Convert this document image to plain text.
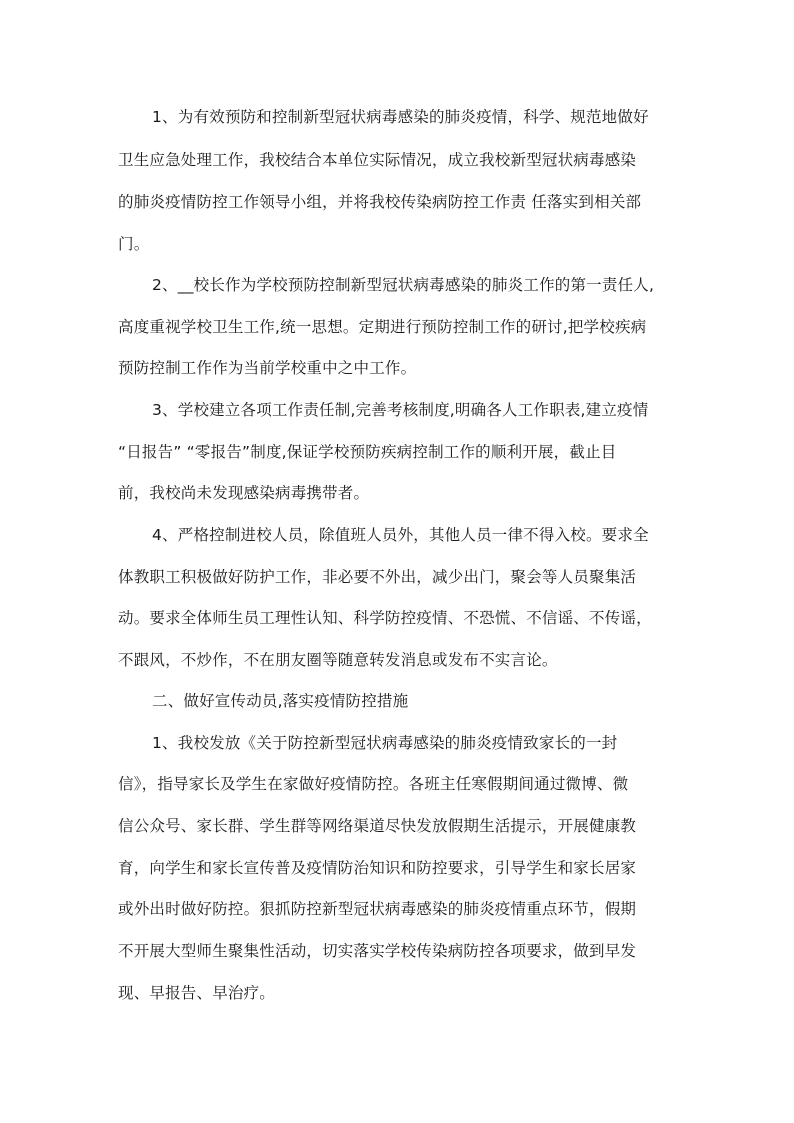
1、为有效预防和控制新型冠状病毒感染的肺炎疫情，科学、规范地做好
卫生应急处理工作，我校结合本单位实际情况，成立我校新型冠状病毒感染
的肺炎疫情防控工作领导小组，并将我校传染病防控工作责 任落实到相关部
门。
2、__校长作为学校预防控制新型冠状病毒感染的肺炎工作的第一责任人,
高度重视学校卫生工作,统一思想。定期进行预防控制工作的研讨,把学校疾病
预防控制工作作为当前学校重中之中工作。
3、学校建立各项工作责任制,完善考核制度,明确各人工作职表,建立疫情
“日报告” “零报告”制度,保证学校预防疾病控制工作的顺利开展，截止目
前，我校尚未发现感染病毒携带者。
4、严格控制进校人员，除值班人员外，其他人员一律不得入校。要求全
体教职工积极做好防护工作，非必要不外出，减少出门，聚会等人员聚集活
动。要求全体师生员工理性认知、科学防控疫情、不恐慌、不信谣、不传谣，
不跟风，不炒作，不在朋友圈等随意转发消息或发布不实言论。
二、做好宣传动员,落实疫情防控措施
1、我校发放《关于防控新型冠状病毒感染的肺炎疫情致家长的一封
信》，指导家长及学生在家做好疫情防控。各班主任寒假期间通过微博、微
信公众号、家长群、学生群等网络渠道尽快发放假期生活提示，开展健康教
育，向学生和家长宣传普及疫情防治知识和防控要求，引导学生和家长居家
或外出时做好防控。狠抓防控新型冠状病毒感染的肺炎疫情重点环节，假期
不开展大型师生聚集性活动，切实落实学校传染病防控各项要求，做到早发
现、早报告、早治疗。
